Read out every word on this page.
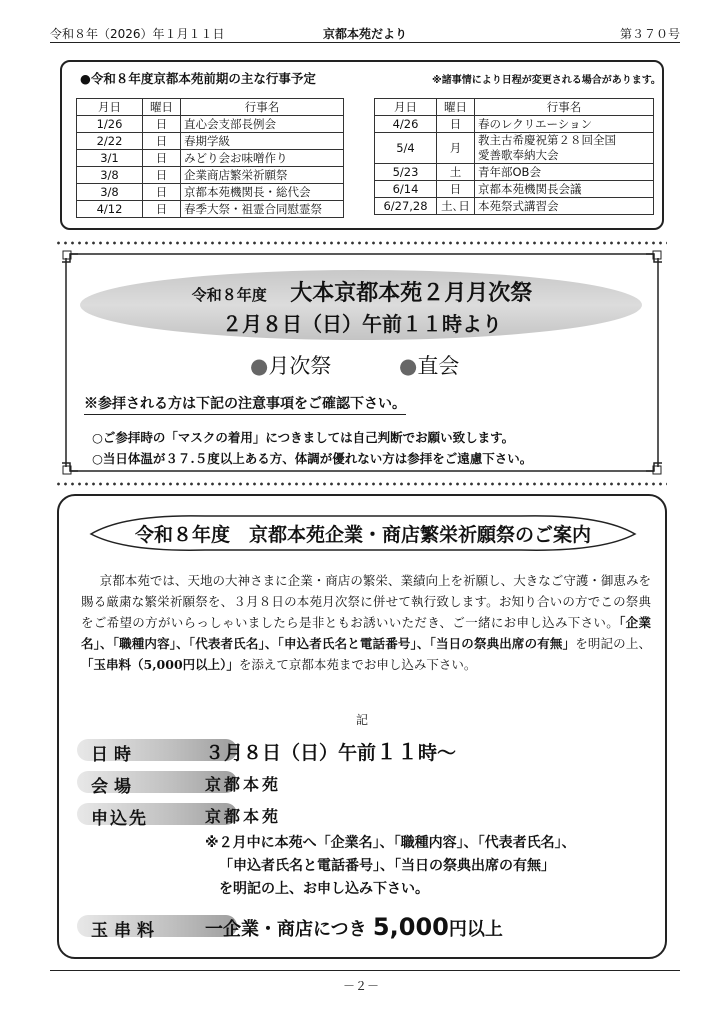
令和８年（2026）年１月１１日	京都本苑だより	第３７０号
●令和８年度京都本苑前期の主な行事予定	※諸事情により日程が変更される場合があります。
月日	曜日	行事名
1/26	日	直心会支部長例会
2/22	日	春期学級
3/1	日	みどり会お味噌作り
3/8	日	企業商店繁栄祈願祭
3/8	日	京都本苑機関長・総代会
4/12	日	春季大祭・祖霊合同慰霊祭
月日	曜日	行事名
4/26	日	春のレクリエーション
5/4	月	教主古希慶祝第２８回全国
愛善歌奉納大会

5/23	土	青年部OB会
6/14	日	京都本苑機関長会議
6/27,28	土､日	本苑祭式講習会
令和８年度 大本京都本苑２月月次祭
２月８日（日）午前１１時より
●月次祭	●直会
※参拝される方は下記の注意事項をご確認下さい。
○ご参拝時の「マスクの着用」につきましては自己判断でお願い致します。
○当日体温が３７.５度以上ある方、体調が優れない方は参拝をご遠慮下さい。
令和８年度　京都本苑企業・商店繁栄祈願祭のご案内

京都本苑では、天地の大神さまに企業・商店の繁栄、業績向上を祈願し、大きなご守護・御恵みを賜る厳粛な繁栄祈願祭を、３月８日の本苑月次祭に併せて執行致します。お知り合いの方でこの祭典をご希望の方がいらっしゃいましたら是非ともお誘いいただき、ご一緒にお申し込み下さい。「企業名」、「職種内容」、「代表者氏名」、「申込者氏名と電話番号」、「当日の祭典出席の有無」を明記の上、「玉串料（5,000円以上）」を添えて京都本苑までお申し込み下さい。

記
日時	３月８日（日）午前１１時～
会場	京都本苑
申込先	京都本苑
※２月中に本苑へ「企業名」、「職種内容」、「代表者氏名」、
「申込者氏名と電話番号」、「当日の祭典出席の有無」
を明記の上、お申し込み下さい。
玉串料	一企業・商店につき 5,000円以上
－２－
